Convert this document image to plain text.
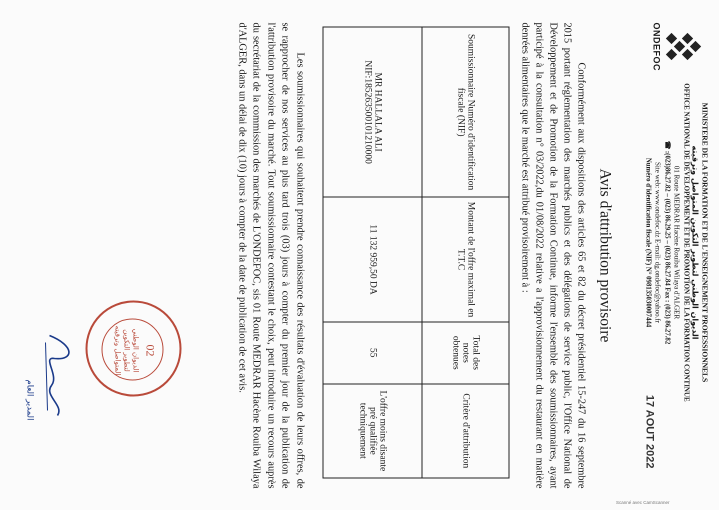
ONDEFOC
MINISTERE DE LA FORMATION ET DE L'ENSEIGNEMENT PROFESSIONNELS
الديوان الوطني لتطوير التكوين المتواصل وترقيته
OFFICE NATIONAL DE DEVELOPPEMENT ET DE PROMOTION DE LA FORMATION CONTINUE
01 Route MEDRAR Hacène Rouiba Wilaya d'ALGER
☎ :(023)86.27.82 – (023) 86.29.25 – (023) 86.27.84 Fax : (023) 86.27.82
Site web: www.ondefoc.dz E-mail: dg.ondefoc@yahoo.fr
Numéro d'identification fiscale (NIF) N° 098135030007444
17 AOUT 2022
Avis d'attribution provisoire

Conformément aux dispositions des articles 65 et 82 du décret présidentiel 15-247 du 16 septembre 2015 portant réglementation des marchés publics et des délégations de service public, l'Office National de Développement et de Promotion de la Formation Continue, informe l'ensemble des soumissionnaires, ayant participé à la consultation n° 03/2022,du 01/08/2022 relative a l'approvisionnement du restaurant en matière denrées alimentaires que le marché est attribué provisoirement à :

Soumissionnaire Numéro d'identification fiscale (NIF)	Montant de l'offre maximal en T.T.C	Total des notes obtenues	Critère d'attribution
MR HALLALA ALI NIF:185263500101210000	11 132 959,50 DA	55	L'offre moins disante pré qualifiée techniquement

Les soumissionnaires qui souhaitent prendre connaissance des résultats d'évaluation de leurs offres, de se rapprocher de nos services au plus tard trois (03) jours à compter du premier jour de la publication de l'attribution provisoire du marché. Tout soumissionnaire contestant le choix, peut introduire un recours auprès du secrétariat de la commission des marchés de L'ONDEFOC, sis 01 Route MEDRAR Hacène Rouiba Wilaya d'ALGER, dans un délai de dix (10) jours à compter de la date de publication de cet avis.

02
الديوان الوطني لتطوير التكوين المتواصل وترقيته
المدير العام
Scanné avec CamScanner
